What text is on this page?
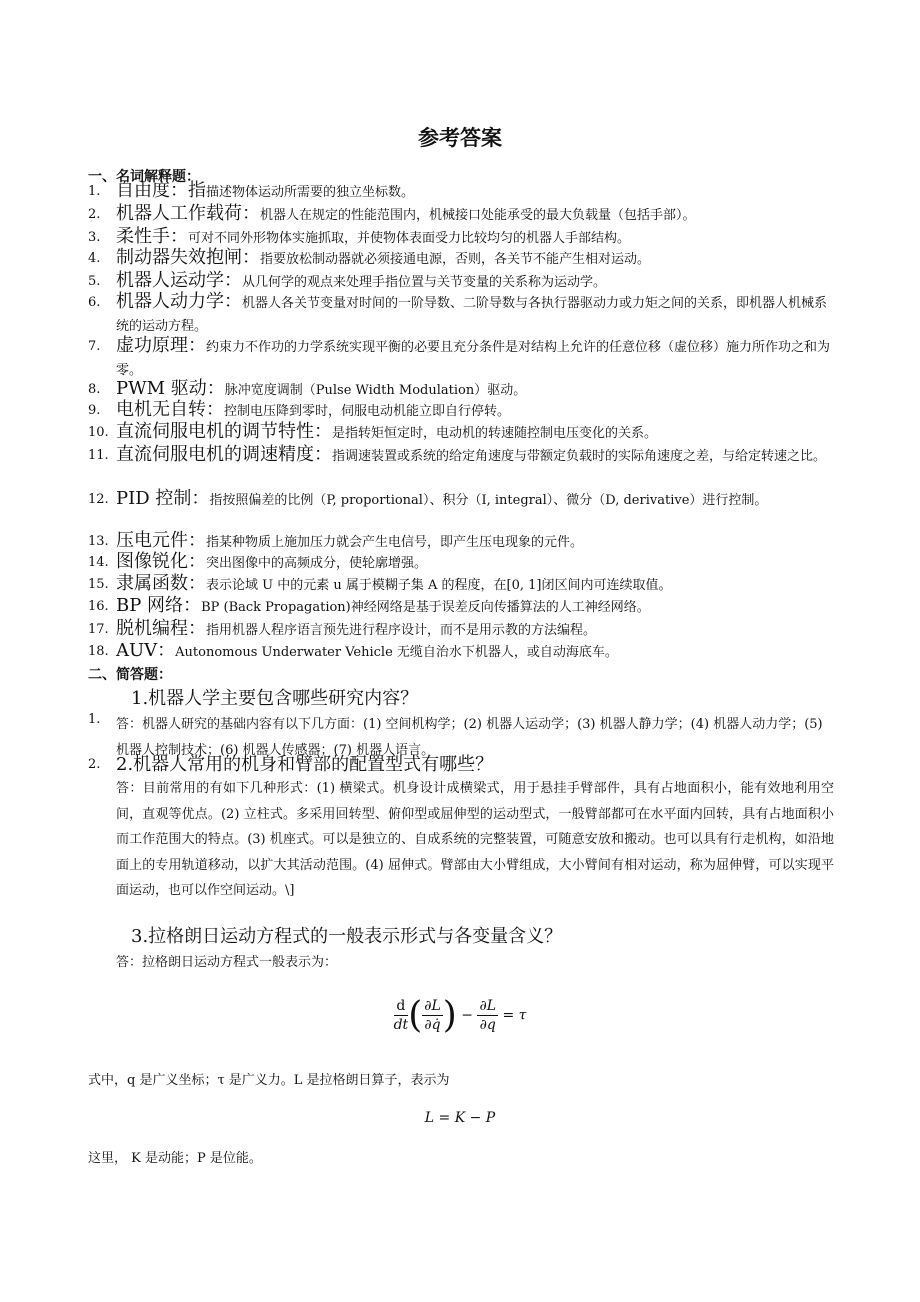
参考答案
一、名词解释题：
1. 自由度：指描述物体运动所需要的独立坐标数。
2. 机器人工作载荷：机器人在规定的性能范围内，机械接口处能承受的最大负载量（包括手部）。
3. 柔性手：可对不同外形物体实施抓取，并使物体表面受力比较均匀的机器人手部结构。
4. 制动器失效抱闸：指要放松制动器就必须接通电源，否则，各关节不能产生相对运动。
5. 机器人运动学：从几何学的观点来处理手指位置与关节变量的关系称为运动学。
6. 机器人动力学：机器人各关节变量对时间的一阶导数、二阶导数与各执行器驱动力或力矩之间的关系，即机器人机械系统的运动方程。
7. 虚功原理：约束力不作功的力学系统实现平衡的必要且充分条件是对结构上允许的任意位移（虚位移）施力所作功之和为零。
8. PWM 驱动：脉冲宽度调制（Pulse Width Modulation）驱动。
9. 电机无自转：控制电压降到零时，伺服电动机能立即自行停转。
10. 直流伺服电机的调节特性：是指转矩恒定时，电动机的转速随控制电压变化的关系。
11. 直流伺服电机的调速精度：指调速装置或系统的给定角速度与带额定负载时的实际角速度之差，与给定转速之比。
12. PID 控制：指按照偏差的比例（P, proportional）、积分（I, integral）、微分（D, derivative）进行控制。
13. 压电元件：指某种物质上施加压力就会产生电信号，即产生压电现象的元件。
14. 图像锐化：突出图像中的高频成分，使轮廓增强。
15. 隶属函数：表示论域 U 中的元素 u 属于模糊子集 A 的程度，在[0, 1]闭区间内可连续取值。
16. BP 网络：BP (Back Propagation)神经网络是基于误差反向传播算法的人工神经网络。
17. 脱机编程：指用机器人程序语言预先进行程序设计，而不是用示教的方法编程。
18. AUV：Autonomous Underwater Vehicle 无缆自治水下机器人，或自动海底车。
二、简答题：
1.机器人学主要包含哪些研究内容？
1.	答：机器人研究的基础内容有以下几方面：(1) 空间机构学；(2) 机器人运动学；(3) 机器人静力学；(4) 机器人动力学；(5) 机器人控制技术；(6) 机器人传感器；(7) 机器人语言。
2. 2.机器人常用的机身和臂部的配置型式有哪些？
答：目前常用的有如下几种形式：(1) 横梁式。机身设计成横梁式，用于悬挂手臂部件，具有占地面积小，能有效地利用空间，直观等优点。(2) 立柱式。多采用回转型、俯仰型或屈伸型的运动型式，一般臂部都可在水平面内回转，具有占地面积小而工作范围大的特点。(3) 机座式。可以是独立的、自成系统的完整装置，可随意安放和搬动。也可以具有行走机构，如沿地面上的专用轨道移动，以扩大其活动范围。(4) 屈伸式。臂部由大小臂组成，大小臂间有相对运动，称为屈伸臂，可以实现平面运动，也可以作空间运动。\]
3.拉格朗日运动方程式的一般表示形式与各变量含义？
答：拉格朗日运动方程式一般表示为：
$\frac{d}{dt}$ ( $\frac{\partial L}{\partial q̇}$ ) − $\frac{\partial L}{\partial q} = \tau$
式中，q 是广义坐标；τ 是广义力。L 是拉格朗日算子，表示为
L = K − P
这里， K 是动能；P 是位能。
